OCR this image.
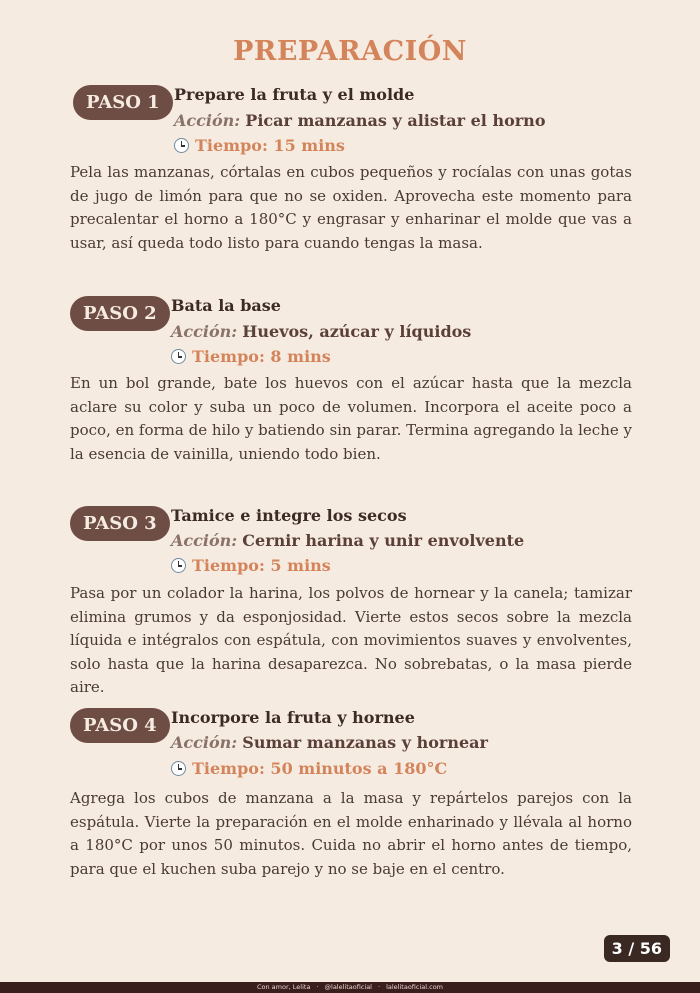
PREPARACIÓN
PASO 1 Prepare la fruta y el molde
Acción: Picar manzanas y alistar el horno
Tiempo: 15 mins
Pela las manzanas, córtalas en cubos pequeños y rocíalas con unas gotas de jugo de limón para que no se oxiden. Aprovecha este momento para precalentar el horno a 180°C y engrasar y enharinar el molde que vas a usar, así queda todo listo para cuando tengas la masa.
PASO 2 Bata la base
Acción: Huevos, azúcar y líquidos
Tiempo: 8 mins
En un bol grande, bate los huevos con el azúcar hasta que la mezcla aclare su color y suba un poco de volumen. Incorpora el aceite poco a poco, en forma de hilo y batiendo sin parar. Termina agregando la leche y la esencia de vainilla, uniendo todo bien.
PASO 3 Tamice e integre los secos
Acción: Cernir harina y unir envolvente
Tiempo: 5 mins
Pasa por un colador la harina, los polvos de hornear y la canela; tamizar elimina grumos y da esponjosidad. Vierte estos secos sobre la mezcla líquida e intégralos con espátula, con movimientos suaves y envolventes, solo hasta que la harina desaparezca. No sobrebatas, o la masa pierde aire.
PASO 4 Incorpore la fruta y hornee
Acción: Sumar manzanas y hornear
Tiempo: 50 minutos a 180°C
Agrega los cubos de manzana a la masa y repártelos parejos con la espátula. Vierte la preparación en el molde enharinado y llévala al horno a 180°C por unos 50 minutos. Cuida no abrir el horno antes de tiempo, para que el kuchen suba parejo y no se baje en el centro.
3 / 56
Con amor, Lelita · @lalelitaoficial · lalelitaoficial.com
